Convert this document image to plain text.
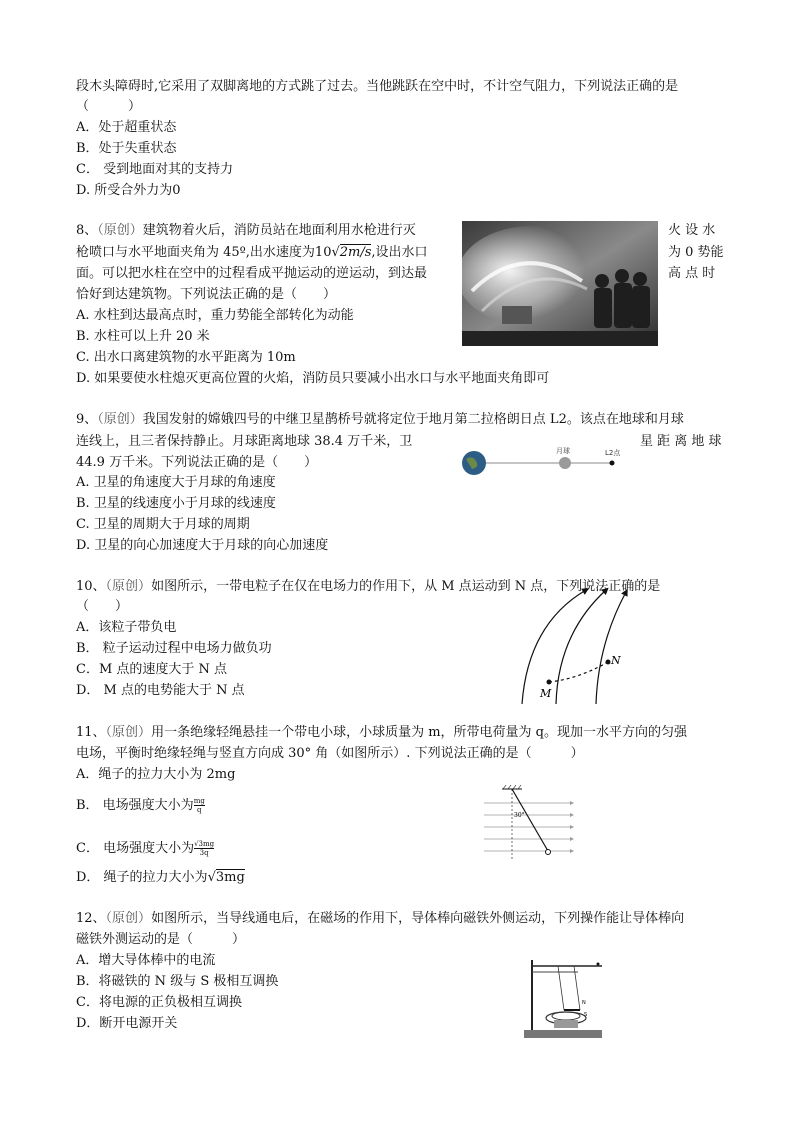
段木头障碍时,它采用了双脚离地的方式跳了过去。当他跳跃在空中时，不计空气阻力，下列说法正确的是
（　　　）
A．处于超重状态
B．处于失重状态
C． 受到地面对其的支持力
D. 所受合外力为0
8、（原创）建筑物着火后，消防员站在地面利用水枪进行灭	火 设 水
枪喷口与水平地面夹角为 45º,出水速度为10√2m/s,设出水口	为 0 势能
面。可以把水柱在空中的过程看成平抛运动的逆运动，到达最	高 点 时
恰好到达建筑物。下列说法正确的是（　　）
A. 水柱到达最高点时，重力势能全部转化为动能
B. 水柱可以上升 20 米
C. 出水口离建筑物的水平距离为 10m
D. 如果要使水柱熄灭更高位置的火焰，消防员只要减小出水口与水平地面夹角即可
9、（原创）我国发射的嫦娥四号的中继卫星鹊桥号就将定位于地月第二拉格朗日点 L2。该点在地球和月球
连线上，且三者保持静止。月球距离地球 38.4 万千米，卫	星 距 离 地 球
44.9 万千米。下列说法正确的是（　　）
A. 卫星的角速度大于月球的角速度
B. 卫星的线速度小于月球的线速度
C. 卫星的周期大于月球的周期
D. 卫星的向心加速度大于月球的向心加速度
地球	月球	L2点
10、（原创）如图所示，一带电粒子在仅在电场力的作用下，从 M 点运动到 N 点，下列说法正确的是
（　　）
A．该粒子带负电
B． 粒子运动过程中电场力做负功
C．M 点的速度大于 N 点
D． M 点的电势能大于 N 点	M
N
11、（原创）用一条绝缘轻绳悬挂一个带电小球，小球质量为 m，所带电荷量为 q。现加一水平方向的匀强
电场，平衡时绝缘轻绳与竖直方向成 30° 角（如图所示）. 下列说法正确的是（　　　）
A．绳子的拉力大小为 2mg
B． 电场强度大小为 $\frac{mg}{q}$
C． 电场强度大小为 $\frac{√3mg}{3q}$
D． 绳子的拉力大小为√3mg
30°
12、（原创）如图所示，当导线通电后，在磁场的作用下，导体棒向磁铁外侧运动，下列操作能让导体棒向
磁铁外测运动的是（　　　）
A．增大导体棒中的电流
B．将磁铁的 N 级与 S 极相互调换
C．将电源的正负极相互调换
D．断开电源开关
N
S
